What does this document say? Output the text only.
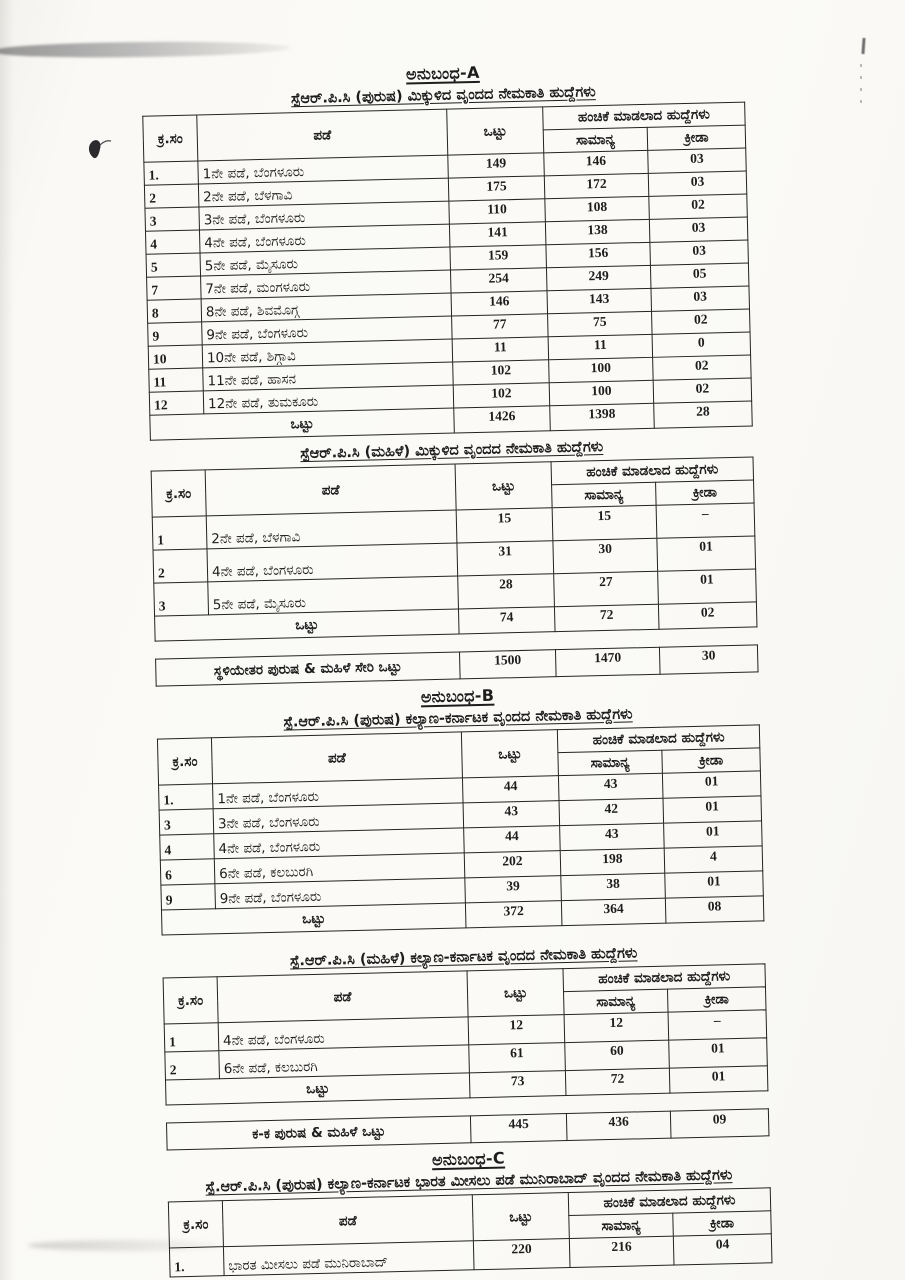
ಅನುಬಂಧ-A
ಸ್ಪೆಆರ್.ಪಿ.ಸಿ (ಪುರುಷ) ಮಿಕ್ಕುಳಿದ ವೃಂದದ ನೇಮಕಾತಿ ಹುದ್ದೆಗಳು
ಕ್ರ.ಸಂ	ಪಡೆ	ಒಟ್ಟು	ಹಂಚಿಕೆ ಮಾಡಲಾದ ಹುದ್ದೆಗಳು	
			ಸಾಮಾನ್ಯ	ಕ್ರೀಡಾ
1.	1ನೇ ಪಡೆ, ಬೆಂಗಳೂರು	149	146	03
2	2ನೇ ಪಡೆ, ಬೆಳಗಾವಿ	175	172	03
3	3ನೇ ಪಡೆ, ಬೆಂಗಳೂರು	110	108	02
4	4ನೇ ಪಡೆ, ಬೆಂಗಳೂರು	141	138	03
5	5ನೇ ಪಡೆ, ಮೈಸೂರು	159	156	03
7	7ನೇ ಪಡೆ, ಮಂಗಳೂರು	254	249	05
8	8ನೇ ಪಡೆ, ಶಿವಮೊಗ್ಗ	146	143	03
9	9ನೇ ಪಡೆ, ಬೆಂಗಳೂರು	77	75	02
10	10ನೇ ಪಡೆ, ಶಿಗ್ಗಾವಿ	11	11	0
11	11ನೇ ಪಡೆ, ಹಾಸನ	102	100	02
12	12ನೇ ಪಡೆ, ತುಮಕೂರು	102	100	02
ಒಟ್ಟು		1426	1398	28
ಸ್ಪೆಆರ್.ಪಿ.ಸಿ (ಮಹಿಳೆ) ಮಿಕ್ಕುಳಿದ ವೃಂದದ ನೇಮಕಾತಿ ಹುದ್ದೆಗಳು
ಕ್ರ.ಸಂ	ಪಡೆ	ಒಟ್ಟು	ಹಂಚಿಕೆ ಮಾಡಲಾದ ಹುದ್ದೆಗಳು	
			ಸಾಮಾನ್ಯ	ಕ್ರೀಡಾ
1	2ನೇ ಪಡೆ, ಬೆಳಗಾವಿ	15	15	–
2	4ನೇ ಪಡೆ, ಬೆಂಗಳೂರು	31	30	01
3	5ನೇ ಪಡೆ, ಮೈಸೂರು	28	27	01
ಒಟ್ಟು		74	72	02
ಸ್ಥಳಿಯೇತರ ಪುರುಷ & ಮಹಿಳೆ ಸೇರಿ ಒಟ್ಟು	1500	1470	30
ಅನುಬಂಧ-B
ಸ್ಪೆ.ಆರ್.ಪಿ.ಸಿ (ಪುರುಷ) ಕಲ್ಯಾಣ-ಕರ್ನಾಟಕ ವೃಂದದ ನೇಮಕಾತಿ ಹುದ್ದೆಗಳು
ಕ್ರ.ಸಂ	ಪಡೆ	ಒಟ್ಟು	ಹಂಚಿಕೆ ಮಾಡಲಾದ ಹುದ್ದೆಗಳು	
			ಸಾಮಾನ್ಯ	ಕ್ರೀಡಾ
1.	1ನೇ ಪಡೆ, ಬೆಂಗಳೂರು	44	43	01
3	3ನೇ ಪಡೆ, ಬೆಂಗಳೂರು	43	42	01
4	4ನೇ ಪಡೆ, ಬೆಂಗಳೂರು	44	43	01
6	6ನೇ ಪಡೆ, ಕಲಬುರಗಿ	202	198	4
9	9ನೇ ಪಡೆ, ಬೆಂಗಳೂರು	39	38	01
ಒಟ್ಟು		372	364	08
ಸ್ಪೆ.ಆರ್.ಪಿ.ಸಿ (ಮಹಿಳೆ) ಕಲ್ಯಾಣ-ಕರ್ನಾಟಕ ವೃಂದದ ನೇಮಕಾತಿ ಹುದ್ದೆಗಳು
ಕ್ರ.ಸಂ	ಪಡೆ	ಒಟ್ಟು	ಹಂಚಿಕೆ ಮಾಡಲಾದ ಹುದ್ದೆಗಳು	
			ಸಾಮಾನ್ಯ	ಕ್ರೀಡಾ
1	4ನೇ ಪಡೆ, ಬೆಂಗಳೂರು	12	12	–
2	6ನೇ ಪಡೆ, ಕಲಬುರಗಿ	61	60	01
ಒಟ್ಟು		73	72	01
ಕ-ಕ ಪುರುಷ & ಮಹಿಳೆ ಒಟ್ಟು	445	436	09
ಅನುಬಂಧ-C
ಸ್ಪೆ.ಆರ್.ಪಿ.ಸಿ (ಪುರುಷ) ಕಲ್ಯಾಣ-ಕರ್ನಾಟಕ ಭಾರತ ಮೀಸಲು ಪಡೆ ಮುನಿರಾಬಾದ್ ವೃಂದದ ನೇಮಕಾತಿ ಹುದ್ದೆಗಳು
ಕ್ರ.ಸಂ	ಪಡೆ	ಒಟ್ಟು	ಹಂಚಿಕೆ ಮಾಡಲಾದ ಹುದ್ದೆಗಳು	
			ಸಾಮಾನ್ಯ	ಕ್ರೀಡಾ
1.	ಭಾರತ ಮೀಸಲು ಪಡೆ ಮುನಿರಾಬಾದ್	220	216	04
